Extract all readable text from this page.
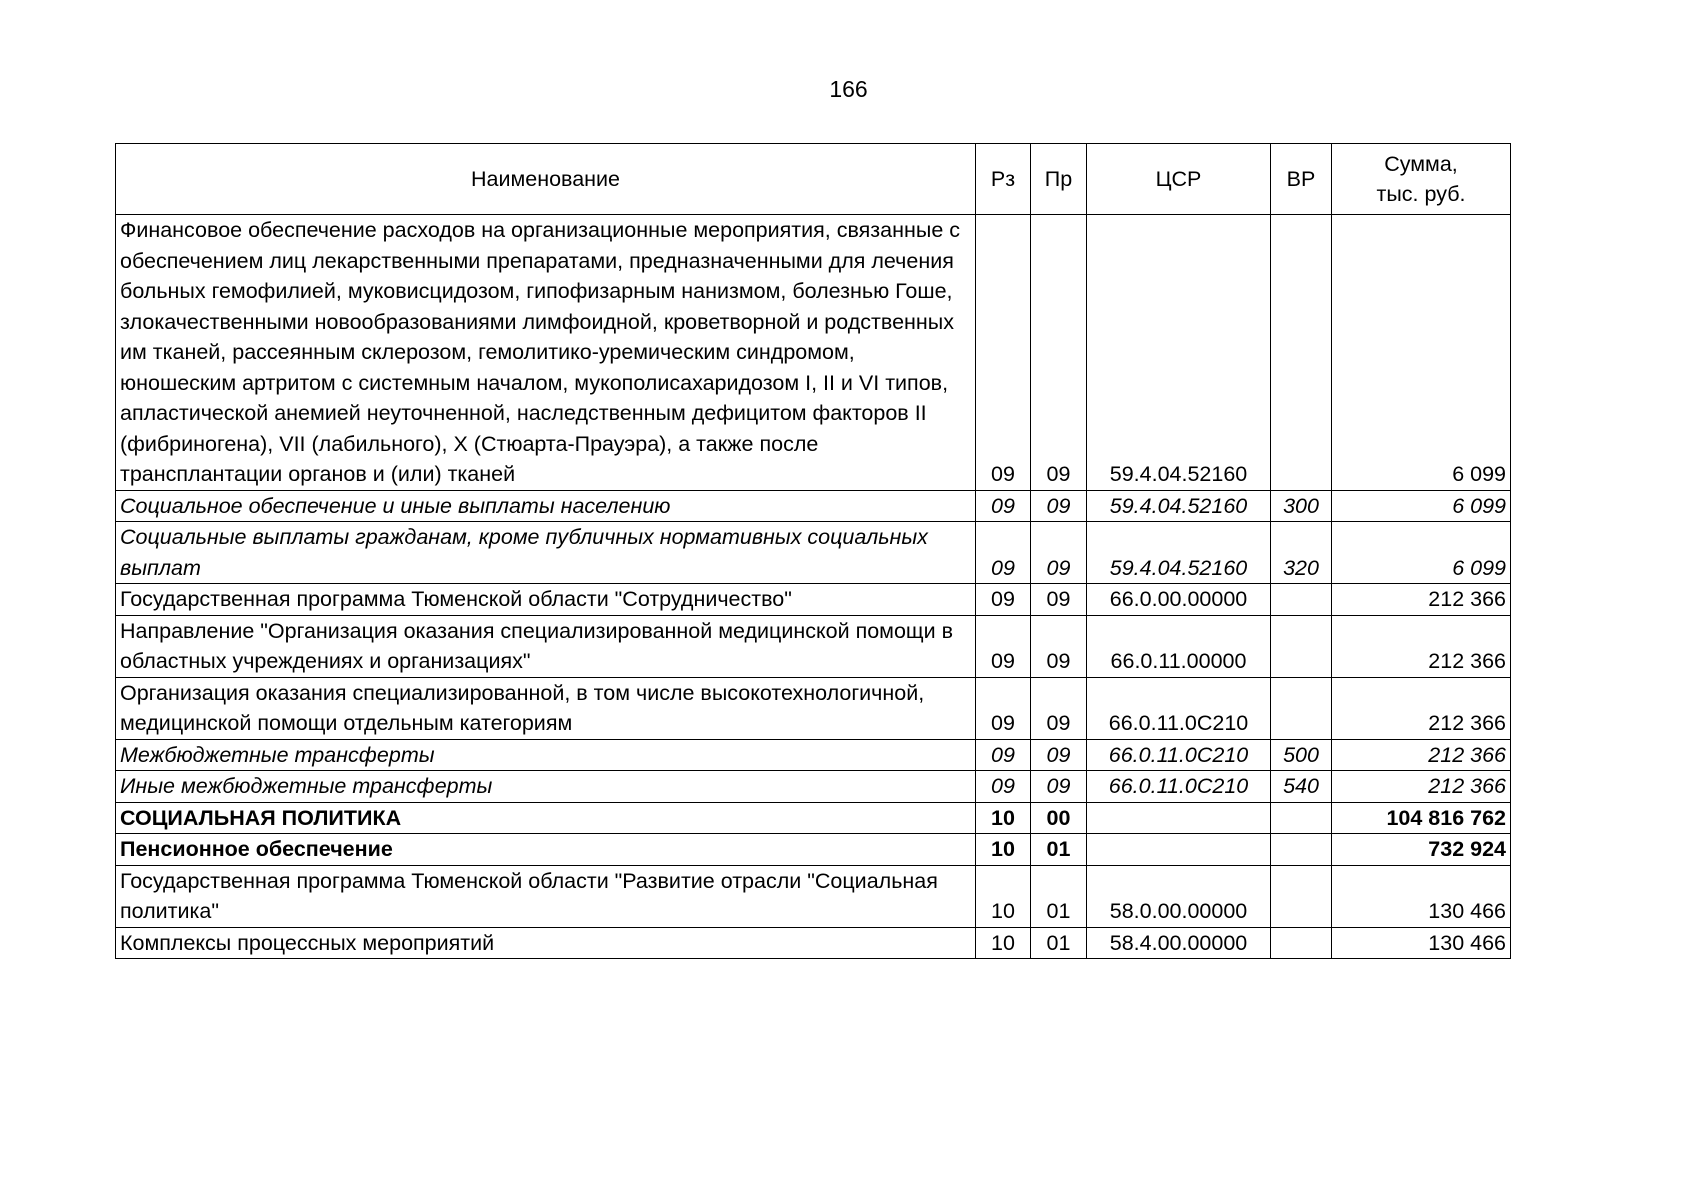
166
Наименование	Рз	Пр	ЦСР	ВР	Сумма,
тыс. руб.

Финансовое обеспечение расходов на организационные мероприятия, связанные с обеспечением лиц лекарственными препаратами, предназначенными для лечения больных гемофилией, муковисцидозом, гипофизарным нанизмом, болезнью Гоше, злокачественными новообразованиями лимфоидной, кроветворной и родственных им тканей, рассеянным склерозом, гемолитико-уремическим синдромом, юношеским артритом с системным началом, мукополисахаридозом I, II и VI типов, апластической анемией неуточненной, наследственным дефицитом факторов II (фибриногена), VII (лабильного), X (Стюарта-Прауэра), а также после трансплантации органов и (или) тканей	09	09	59.4.04.52160		6 099

Социальное обеспечение и иные выплаты населению	09	09	59.4.04.52160	300	6 099

Социальные выплаты гражданам, кроме публичных нормативных социальных выплат	09	09	59.4.04.52160	320	6 099

Государственная программа Тюменской области "Сотрудничество"	09	09	66.0.00.00000		212 366

Направление "Организация оказания специализированной медицинской помощи в областных учреждениях и организациях"	09	09	66.0.11.00000		212 366

Организация оказания специализированной, в том числе высокотехнологичной, медицинской помощи отдельным категориям	09	09	66.0.11.0С210		212 366

Межбюджетные трансферты	09	09	66.0.11.0С210	500	212 366

Иные межбюджетные трансферты	09	09	66.0.11.0С210	540	212 366

СОЦИАЛЬНАЯ ПОЛИТИКА	10	00			104 816 762

Пенсионное обеспечение	10	01			732 924

Государственная программа Тюменской области "Развитие отрасли "Социальная политика"	10	01	58.0.00.00000		130 466

Комплексы процессных мероприятий	10	01	58.4.00.00000		130 466
